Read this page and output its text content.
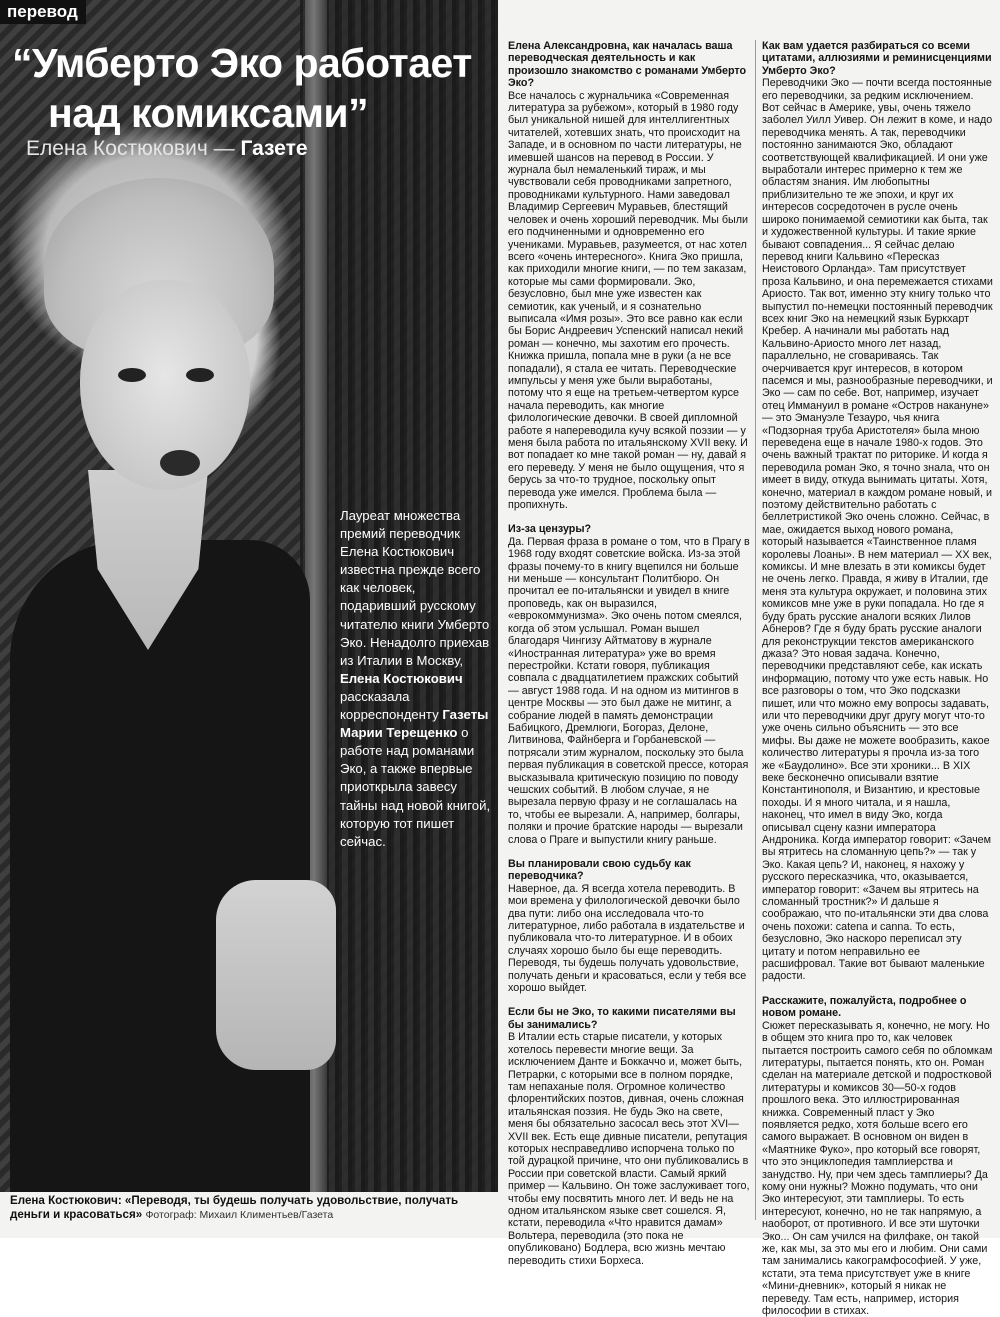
перевод
“Умберто Эко работает
над комиксами”
Елена Костюкович — Газете
Лауреат множества премий переводчик Елена Костюкович известна прежде всего как человек, подаривший русскому читателю книги Умберто Эко. Ненадолго приехав из Италии в Москву, Елена Костюкович рассказала корреспонденту Газеты Марии Терещенко о работе над романами Эко, а также впервые приоткрыла завесу тайны над новой книгой, которую тот пишет сейчас.
Елена Костюкович: «Переводя, ты будешь получать удовольствие, получать деньги и красоваться» Фотограф: Михаил Климентьев/Газета

Елена Александровна, как началась ваша переводческая деятельность и как произошло знакомство с романами Умберто Эко?

Все началось с журнальчика «Современная литература за рубежом», который в 1980 году был уникальной нишей для интеллигентных читателей, хотевших знать, что происходит на Западе, и в основном по части литературы, не имевшей шансов на перевод в России. У журнала был немаленький тираж, и мы чувствовали себя проводниками запретного, проводниками культурного. Нами заведовал Владимир Сергеевич Муравьев, блестящий человек и очень хороший переводчик. Мы были его подчиненными и одновременно его учениками. Муравьев, разумеется, от нас хотел всего «очень интересного». Книга Эко пришла, как приходили многие книги, — по тем заказам, которые мы сами формировали. Эко, безусловно, был мне уже известен как семиотик, как ученый, и я сознательно выписала «Имя розы». Это все равно как если бы Борис Андреевич Успенский написал некий роман — конечно, мы захотим его прочесть. Книжка пришла, попала мне в руки (а не все попадали), я стала ее читать. Переводческие импульсы у меня уже были выработаны, потому что я еще на третьем-четвертом курсе начала переводить, как многие филологические девочки. В своей дипломной работе я напереводила кучу всякой поэзии — у меня была работа по итальянскому XVII веку. И вот попадает ко мне такой роман — ну, давай я его переведу. У меня не было ощущения, что я берусь за что-то трудное, поскольку опыт перевода уже имелся. Проблема была — пропихнуть.

Из-за цензуры?

Да. Первая фраза в романе о том, что в Прагу в 1968 году входят советские войска. Из-за этой фразы почему-то в книгу вцепился ни больше ни меньше — консультант Политбюро. Он прочитал ее по-итальянски и увидел в книге проповедь, как он выразился, «еврокоммунизма». Эко очень потом смеялся, когда об этом услышал. Роман вышел благодаря Чингизу Айтматову в журнале «Иностранная литература» уже во время перестройки. Кстати говоря, публикация совпала с двадцатилетием пражских событий — август 1988 года. И на одном из митингов в центре Москвы — это был даже не митинг, а собрание людей в память демонстрации Бабицкого, Дремлюги, Богораз, Делоне, Литвинова, Файнберга и Горбаневской — потрясали этим журналом, поскольку это была первая публикация в советской прессе, которая высказывала критическую позицию по поводу чешских событий. В любом случае, я не вырезала первую фразу и не соглашалась на то, чтобы ее вырезали. А, например, болгары, поляки и прочие братские народы — вырезали слова о Праге и выпустили книгу раньше.

Вы планировали свою судьбу как переводчика?

Наверное, да. Я всегда хотела переводить. В мои времена у филологической девочки было два пути: либо она исследовала что-то литературное, либо работала в издательстве и публиковала что-то литературное. И в обоих случаях хорошо было бы еще переводить. Переводя, ты будешь получать удовольствие, получать деньги и красоваться, если у тебя все хорошо выйдет.

Если бы не Эко, то какими писателями вы бы занимались?

В Италии есть старые писатели, у которых хотелось перевести многие вещи. За исключением Данте и Боккаччо и, может быть, Петрарки, с которыми все в полном порядке, там непаханые поля. Огромное количество флорентийских поэтов, дивная, очень сложная итальянская поэзия. Не будь Эко на свете, меня бы обязательно засосал весь этот XVI—XVII век. Есть еще дивные писатели, репутация которых несправедливо испорчена только по той дурацкой причине, что они публиковались в России при советской власти. Самый яркий пример — Кальвино. Он тоже заслуживает того, чтобы ему посвятить много лет. И ведь не на одном итальянском языке свет сошелся. Я, кстати, переводила «Что нравится дамам» Вольтера, переводила (это пока не опубликовано) Бодлера, всю жизнь мечтаю переводить стихи Борхеса.

Как вам удается разбираться со всеми цитатами, аллюзиями и реминисценциями Умберто Эко?

Переводчики Эко — почти всегда постоянные его переводчики, за редким исключением. Вот сейчас в Америке, увы, очень тяжело заболел Уилл Уивер. Он лежит в коме, и надо переводчика менять. А так, переводчики постоянно занимаются Эко, обладают соответствующей квалификацией. И они уже выработали интерес примерно к тем же областям знания. Им любопытны приблизительно те же эпохи, и круг их интересов сосредоточен в русле очень широко понимаемой семиотики как быта, так и художественной культуры. И такие яркие бывают совпадения... Я сейчас делаю перевод книги Кальвино «Пересказ Неистового Орланда». Там присутствует проза Кальвино, и она перемежается стихами Ариосто. Так вот, именно эту книгу только что выпустил по-немецки постоянный переводчик всех книг Эко на немецкий язык Буркхарт Кребер. А начинали мы работать над Кальвино-Ариосто много лет назад, параллельно, не сговариваясь. Так очерчивается круг интересов, в котором пасемся и мы, разнообразные переводчики, и Эко — сам по себе. Вот, например, изучает отец Иммануил в романе «Остров накануне» — это Эмануэле Тезауро, чья книга «Подзорная труба Аристотеля» была мною переведена еще в начале 1980-х годов. Это очень важный трактат по риторике. И когда я переводила роман Эко, я точно знала, что он имеет в виду, откуда вынимать цитаты. Хотя, конечно, материал в каждом романе новый, и поэтому действительно работать с беллетристикой Эко очень сложно. Сейчас, в мае, ожидается выход нового романа, который называется «Таинственное пламя королевы Лоаны». В нем материал — XX век, комиксы. И мне влезать в эти комиксы будет не очень легко. Правда, я живу в Италии, где меня эта культура окружает, и половина этих комиксов мне уже в руки попадала. Но где я буду брать русские аналоги всяких Лилов Абнеров? Где я буду брать русские аналоги для реконструкции текстов американского джаза? Это новая задача. Конечно, переводчики представляют себе, как искать информацию, потому что уже есть навык. Но все разговоры о том, что Эко подсказки пишет, или что можно ему вопросы задавать, или что переводчики друг другу могут что-то уже очень сильно объяснить — это все мифы. Вы даже не можете вообразить, какое количество литературы я прочла из-за того же «Баудолино». Все эти хроники... В XIX веке бесконечно описывали взятие Константинополя, и Византию, и крестовые походы. И я много читала, и я нашла, наконец, что имел в виду Эко, когда описывал сцену казни императора Андроника. Когда император говорит: «Зачем вы ятритесь на сломанную цепь?» — так у Эко. Какая цепь? И, наконец, я нахожу у русского пересказчика, что, оказывается, император говорит: «Зачем вы ятритесь на сломанный тростник?» И дальше я соображаю, что по-итальянски эти два слова очень похожи: catena и canna. То есть, безусловно, Эко наскоро переписал эту цитату и потом неправильно ее расшифровал. Такие вот бывают маленькие радости.

Расскажите, пожалуйста, подробнее о новом романе.

Сюжет пересказывать я, конечно, не могу. Но в общем это книга про то, как человек пытается построить самого себя по обломкам литературы, пытается понять, кто он. Роман сделан на материале детской и подростковой литературы и комиксов 30—50-х годов прошлого века. Это иллюстрированная книжка. Современный пласт у Эко появляется редко, хотя больше всего его самого выражает. В основном он виден в «Маятнике Фуко», про который все говорят, что это энциклопедия тамплиерства и занудство. Ну, при чем здесь тамплиеры? Да кому они нужны? Можно подумать, что они Эко интересуют, эти тамплиеры. То есть интересуют, конечно, но не так напрямую, а наоборот, от противного. И все эти шуточки Эко... Он сам учился на филфаке, он такой же, как мы, за это мы его и любим. Они сами там занимались какограмфософией. У уже, кстати, эта тема присутствует уже в книге «Мини-дневник», который я никак не переведу. Там есть, например, история философии в стихах.
